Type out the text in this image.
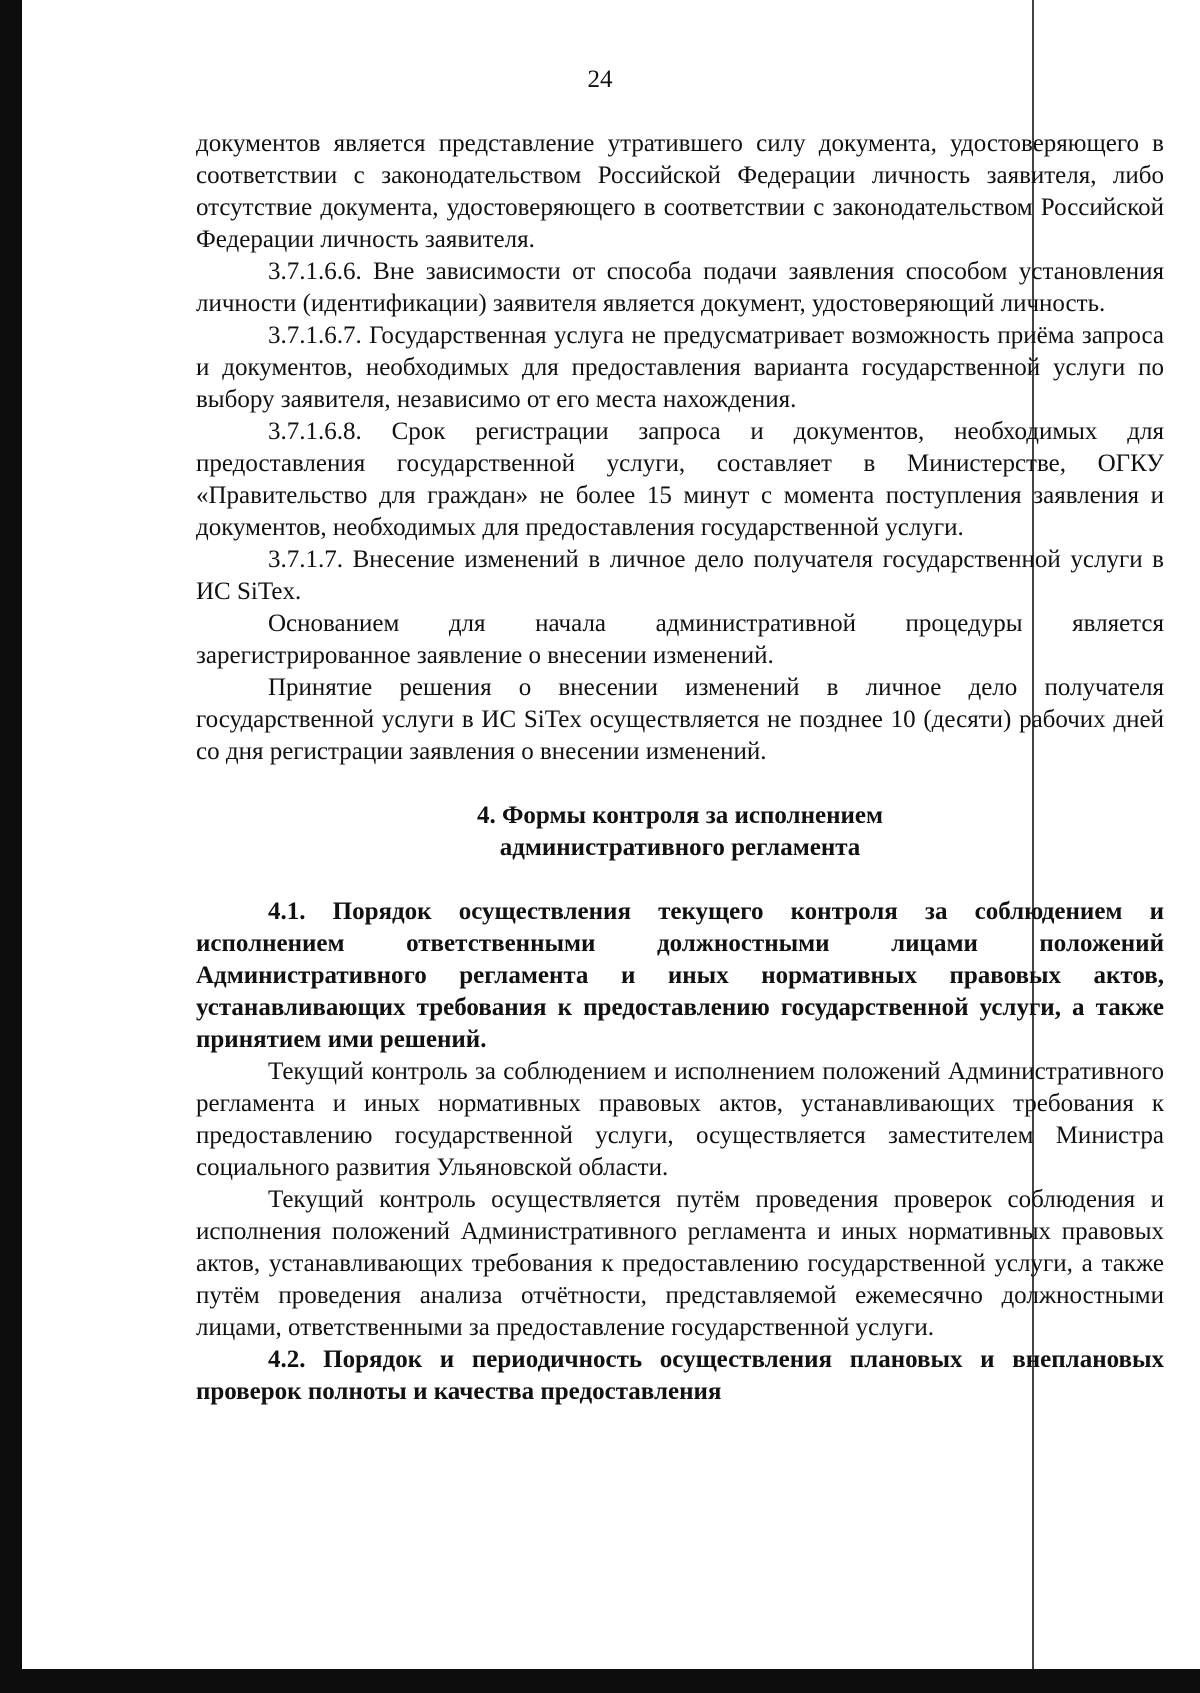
24

документов является представление утратившего силу документа, удостоверяющего в соответствии с законодательством Российской Федерации личность заявителя, либо отсутствие документа, удостоверяющего в соответствии с законодательством Российской Федерации личность заявителя.

3.7.1.6.6. Вне зависимости от способа подачи заявления способом установления личности (идентификации) заявителя является документ, удостоверяющий личность.

3.7.1.6.7. Государственная услуга не предусматривает возможность приёма запроса и документов, необходимых для предоставления варианта государственной услуги по выбору заявителя, независимо от его места нахождения.

3.7.1.6.8. Срок регистрации запроса и документов, необходимых для предоставления государственной услуги, составляет в Министерстве, ОГКУ «Правительство для граждан» не более 15 минут с момента поступления заявления и документов, необходимых для предоставления государственной услуги.

3.7.1.7. Внесение изменений в личное дело получателя государственной услуги в ИС SiTex.

Основанием для начала административной процедуры является зарегистрированное заявление о внесении изменений.

Принятие решения о внесении изменений в личное дело получателя государственной услуги в ИС SiTex осуществляется не позднее 10 (десяти) рабочих дней со дня регистрации заявления о внесении изменений.

4. Формы контроля за исполнением
административного регламента

4.1. Порядок осуществления текущего контроля за соблюдением и исполнением ответственными должностными лицами положений Административного регламента и иных нормативных правовых актов, устанавливающих требования к предоставлению государственной услуги, а также принятием ими решений.

Текущий контроль за соблюдением и исполнением положений Административного регламента и иных нормативных правовых актов, устанавливающих требования к предоставлению государственной услуги, осуществляется заместителем Министра социального развития Ульяновской области.

Текущий контроль осуществляется путём проведения проверок соблюдения и исполнения положений Административного регламента и иных нормативных правовых актов, устанавливающих требования к предоставлению государственной услуги, а также путём проведения анализа отчётности, представляемой ежемесячно должностными лицами, ответственными за предоставление государственной услуги.

4.2. Порядок и периодичность осуществления плановых и внеплановых проверок полноты и качества предоставления
